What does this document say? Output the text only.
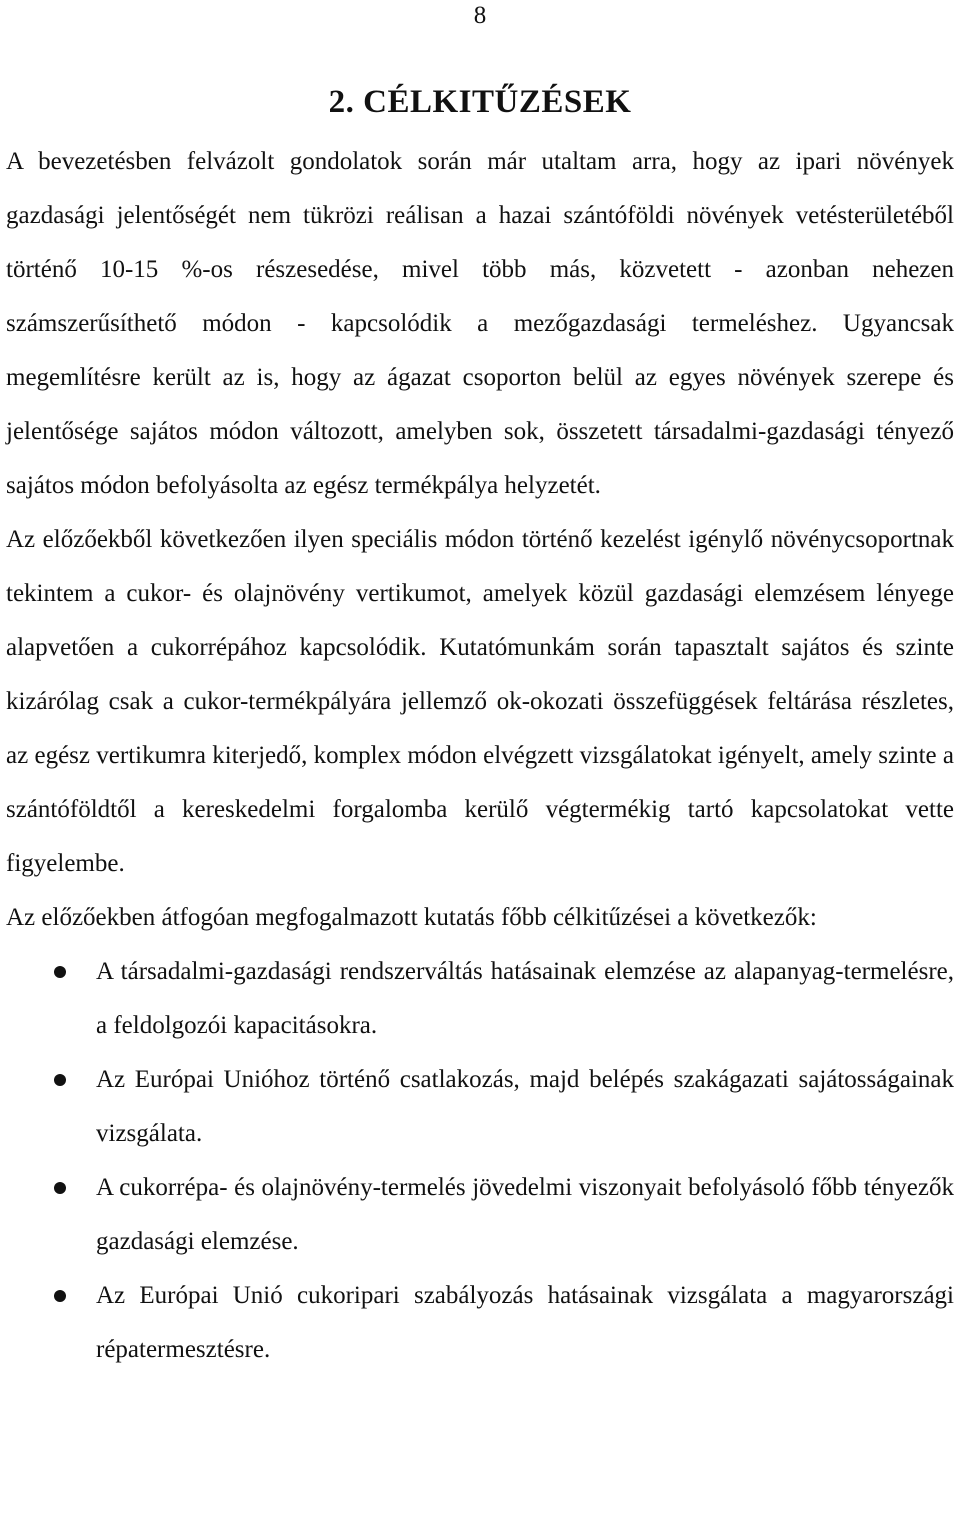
8
2. CÉLKITŰZÉSEK

A bevezetésben felvázolt gondolatok során már utaltam arra, hogy az ipari növények gazdasági jelentőségét nem tükrözi reálisan a hazai szántóföldi növények vetésterületéből történő 10-15 %-os részesedése, mivel több más, közvetett - azonban nehezen számszerűsíthető módon - kapcsolódik a mezőgazdasági termeléshez. Ugyancsak megemlítésre került az is, hogy az ágazat csoporton belül az egyes növények szerepe és jelentősége sajátos módon változott, amelyben sok, összetett társadalmi-gazdasági tényező sajátos módon befolyásolta az egész termékpálya helyzetét.

Az előzőekből következően ilyen speciális módon történő kezelést igénylő növénycsoportnak tekintem a cukor- és olajnövény vertikumot, amelyek közül gazdasági elemzésem lényege alapvetően a cukorrépához kapcsolódik. Kutatómunkám során tapasztalt sajátos és szinte kizárólag csak a cukor-termékpályára jellemző ok-okozati összefüggések feltárása részletes, az egész vertikumra kiterjedő, komplex módon elvégzett vizsgálatokat igényelt, amely szinte a szántóföldtől a kereskedelmi forgalomba kerülő végtermékig tartó kapcsolatokat vette figyelembe.

Az előzőekben átfogóan megfogalmazott kutatás főbb célkitűzései a következők:

A társadalmi-gazdasági rendszerváltás hatásainak elemzése az alapanyag-termelésre, a feldolgozói kapacitásokra.
Az Európai Unióhoz történő csatlakozás, majd belépés szakágazati sajátosságainak vizsgálata.
A cukorrépa- és olajnövény-termelés jövedelmi viszonyait befolyásoló főbb tényezők gazdasági elemzése.
Az Európai Unió cukoripari szabályozás hatásainak vizsgálata a magyarországi répatermesztésre.
